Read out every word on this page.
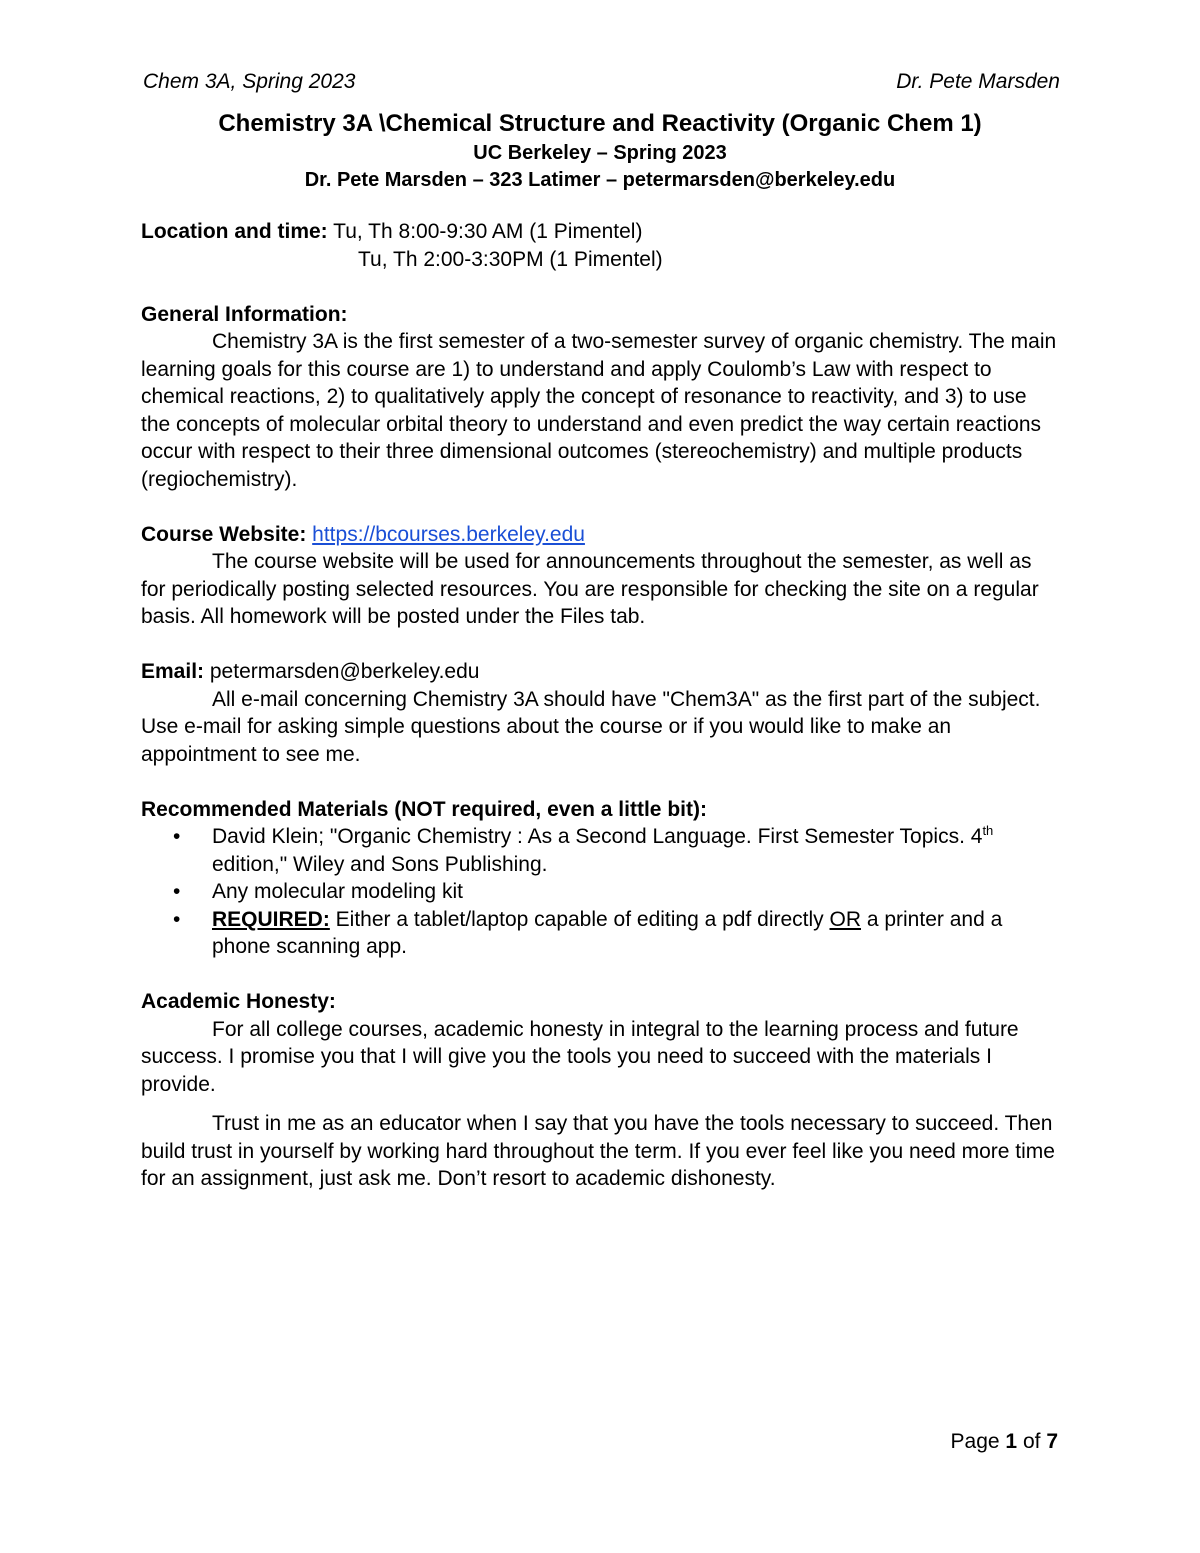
Chem 3A, Spring 2023	Dr. Pete Marsden
Chemistry 3A \Chemical Structure and Reactivity (Organic Chem 1)
UC Berkeley – Spring 2023
Dr. Pete Marsden – 323 Latimer – petermarsden@berkeley.edu

Location and time: Tu, Th 8:00-9:30 AM (1 Pimentel)

Tu, Th 2:00-3:30PM (1 Pimentel)

General Information:

Chemistry 3A is the first semester of a two-semester survey of organic chemistry. The main learning goals for this course are 1) to understand and apply Coulomb’s Law with respect to chemical reactions, 2) to qualitatively apply the concept of resonance to reactivity, and 3) to use the concepts of molecular orbital theory to understand and even predict the way certain reactions occur with respect to their three dimensional outcomes (stereochemistry) and multiple products (regiochemistry).

Course Website: https://bcourses.berkeley.edu

The course website will be used for announcements throughout the semester, as well as for periodically posting selected resources. You are responsible for checking the site on a regular basis. All homework will be posted under the Files tab.

Email: petermarsden@berkeley.edu

All e-mail concerning Chemistry 3A should have "Chem3A" as the first part of the subject. Use e-mail for asking simple questions about the course or if you would like to make an appointment to see me.

Recommended Materials (NOT required, even a little bit):

• David Klein; "Organic Chemistry : As a Second Language. First Semester Topics. 4th edition," Wiley and Sons Publishing.
• Any molecular modeling kit
• REQUIRED: Either a tablet/laptop capable of editing a pdf directly OR a printer and a phone scanning app.

Academic Honesty:

For all college courses, academic honesty in integral to the learning process and future success. I promise you that I will give you the tools you need to succeed with the materials I provide.

Trust in me as an educator when I say that you have the tools necessary to succeed. Then build trust in yourself by working hard throughout the term. If you ever feel like you need more time for an assignment, just ask me. Don’t resort to academic dishonesty.

Page 1 of 7
